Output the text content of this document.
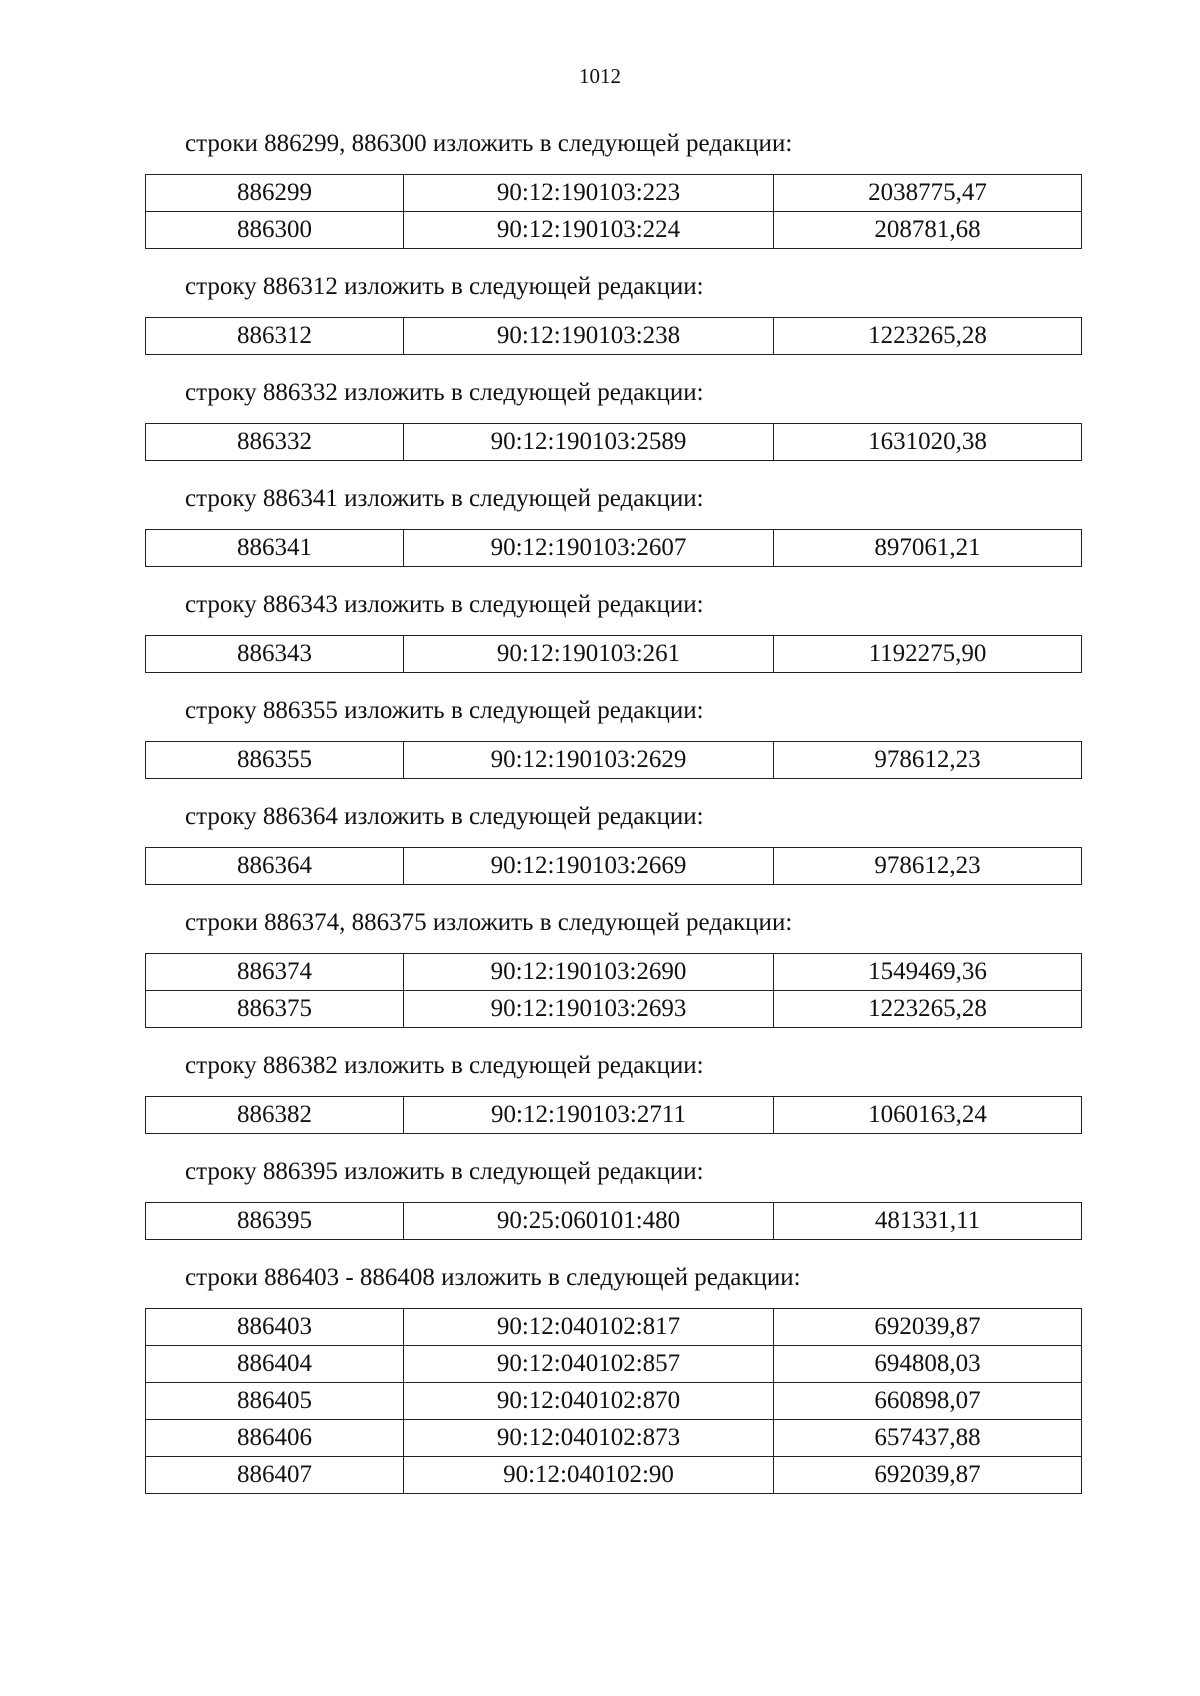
1012

строки 886299, 886300 изложить в следующей редакции:

886299	90:12:190103:223	2038775,47
886300	90:12:190103:224	208781,68

строку 886312 изложить в следующей редакции:

886312	90:12:190103:238	1223265,28

строку 886332 изложить в следующей редакции:

886332	90:12:190103:2589	1631020,38

строку 886341 изложить в следующей редакции:

886341	90:12:190103:2607	897061,21

строку 886343 изложить в следующей редакции:

886343	90:12:190103:261	1192275,90

строку 886355 изложить в следующей редакции:

886355	90:12:190103:2629	978612,23

строку 886364 изложить в следующей редакции:

886364	90:12:190103:2669	978612,23

строки 886374, 886375 изложить в следующей редакции:

886374	90:12:190103:2690	1549469,36
886375	90:12:190103:2693	1223265,28

строку 886382 изложить в следующей редакции:

886382	90:12:190103:2711	1060163,24

строку 886395 изложить в следующей редакции:

886395	90:25:060101:480	481331,11

строки 886403 - 886408 изложить в следующей редакции:

886403	90:12:040102:817	692039,87
886404	90:12:040102:857	694808,03
886405	90:12:040102:870	660898,07
886406	90:12:040102:873	657437,88
886407	90:12:040102:90	692039,87
